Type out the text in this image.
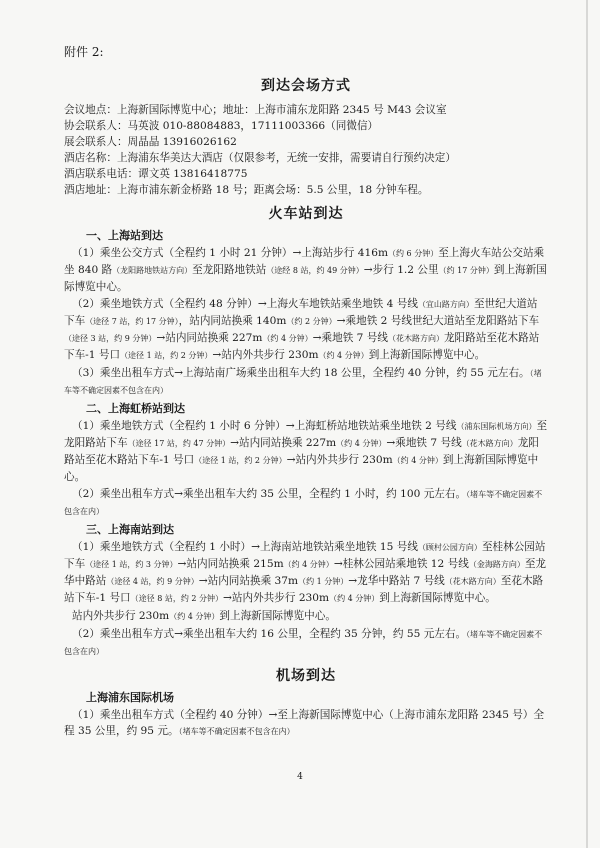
附件 2:

到达会场方式

会议地点：上海新国际博览中心；地址：上海市浦东龙阳路 2345 号 M43 会议室

协会联系人：马英波 010-88084883，17111003366（同微信）

展会联系人：周晶晶 13916026162

酒店名称：上海浦东华美达大酒店（仅限参考，无统一安排，需要请自行预约决定）

酒店联系电话：谭文英 13816418775

酒店地址：上海市浦东新金桥路 18 号；距离会场：5.5 公里，18 分钟车程。

火车站到达
一、上海站到达

（1）乘坐公交方式（全程约 1 小时 21 分钟）→上海站步行 416m（约 6 分钟）至上海火车站公交站乘坐 840 路（龙阳路地铁站方向）至龙阳路地铁站（途经 8 站，约 49 分钟）→步行 1.2 公里（约 17 分钟）到上海新国际博览中心。

（2）乘坐地铁方式（全程约 48 分钟）→上海火车地铁站乘坐地铁 4 号线（宜山路方向）至世纪大道站下车（途径 7 站，约 17 分钟），站内同站换乘 140m（约 2 分钟）→乘地铁 2 号线世纪大道站至龙阳路站下车（途径 3 站，约 9 分钟）→站内同站换乘 227m（约 4 分钟）→乘地铁 7 号线（花木路方向）龙阳路站至花木路站下车-1 号口（途径 1 站，约 2 分钟）→站内外共步行 230m（约 4 分钟）到上海新国际博览中心。

（3）乘坐出租车方式→上海站南广场乘坐出租车大约 18 公里，全程约 40 分钟，约 55 元左右。（堵车等不确定因素不包含在内）

二、上海虹桥站到达

（1）乘坐地铁方式（全程约 1 小时 6 分钟）→上海虹桥站地铁站乘坐地铁 2 号线（浦东国际机场方向）至龙阳路站下车（途径 17 站，约 47 分钟）→站内同站换乘 227m（约 4 分钟）→乘地铁 7 号线（花木路方向）龙阳路站至花木路站下车-1 号口（途径 1 站，约 2 分钟）→站内外共步行 230m（约 4 分钟）到上海新国际博览中心。

（2）乘坐出租车方式→乘坐出租车大约 35 公里，全程约 1 小时，约 100 元左右。（堵车等不确定因素不包含在内）

三、上海南站到达

（1）乘坐地铁方式（全程约 1 小时）→上海南站地铁站乘坐地铁 15 号线（顾村公园方向）至桂林公园站下车（途径 1 站，约 3 分钟）→站内同站换乘 215m（约 4 分钟）→桂林公园站乘地铁 12 号线（金海路方向）至龙华中路站（途径 4 站，约 9 分钟）→站内同站换乘 37m（约 1 分钟）→龙华中路站 7 号线（花木路方向）至花木路站下车-1 号口（途径 8 站，约 2 分钟）→站内外共步行 230m（约 4 分钟）到上海新国际博览中心。

站内外共步行 230m（约 4 分钟）到上海新国际博览中心。

（2）乘坐出租车方式→乘坐出租车大约 16 公里，全程约 35 分钟，约 55 元左右。（堵车等不确定因素不包含在内）

机场到达
上海浦东国际机场

（1）乘坐出租车方式（全程约 40 分钟）→至上海新国际博览中心（上海市浦东龙阳路 2345 号）全程 35 公里，约 95 元。（堵车等不确定因素不包含在内）

4
